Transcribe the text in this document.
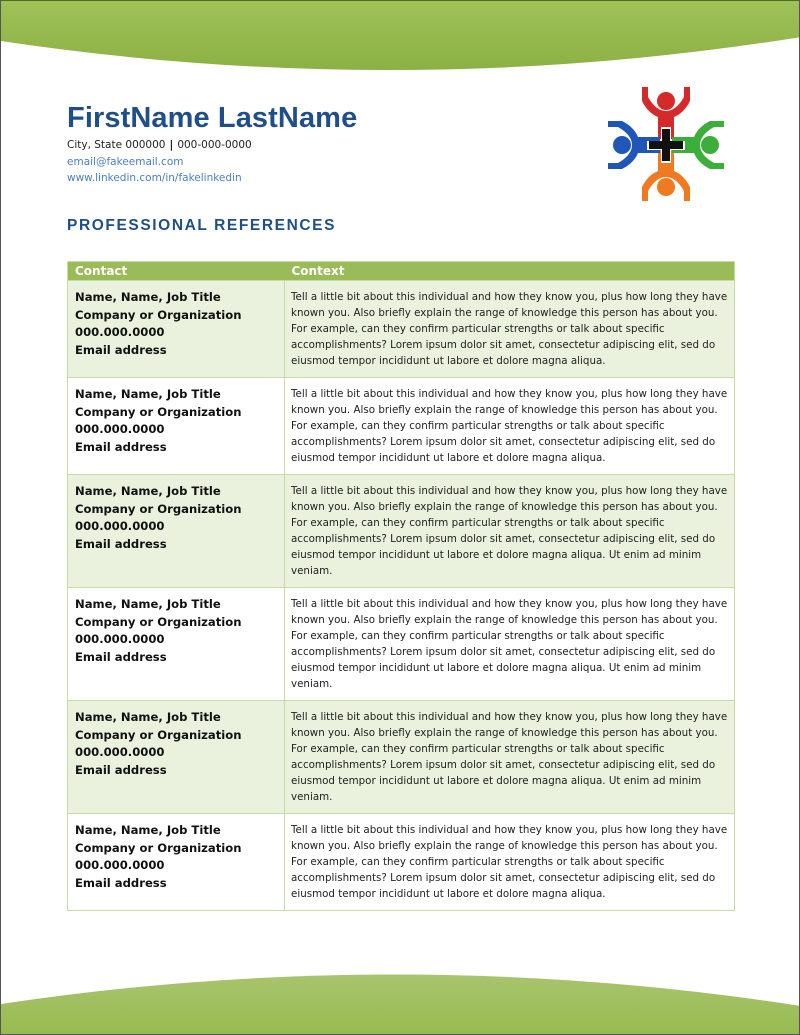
FirstName LastName
City, State 000000 | 000-000-0000
email@fakeemail.com
www.linkedin.com/in/fakelinkedin
PROFESSIONAL REFERENCES
Contact	Context

Name, Name, Job Title
Company or Organization
000.000.0000
Email address
	Tell a little bit about this individual and how they know you, plus how long they have known you. Also briefly explain the range of knowledge this person has about you. For example, can they confirm particular strengths or talk about specific accomplishments? Lorem ipsum dolor sit amet, consectetur adipiscing elit, sed do eiusmod tempor incididunt ut labore et dolore magna aliqua.

Name, Name, Job Title
Company or Organization
000.000.0000
Email address
	Tell a little bit about this individual and how they know you, plus how long they have known you. Also briefly explain the range of knowledge this person has about you. For example, can they confirm particular strengths or talk about specific accomplishments? Lorem ipsum dolor sit amet, consectetur adipiscing elit, sed do eiusmod tempor incididunt ut labore et dolore magna aliqua.

Name, Name, Job Title
Company or Organization
000.000.0000
Email address
	Tell a little bit about this individual and how they know you, plus how long they have known you. Also briefly explain the range of knowledge this person has about you. For example, can they confirm particular strengths or talk about specific accomplishments? Lorem ipsum dolor sit amet, consectetur adipiscing elit, sed do eiusmod tempor incididunt ut labore et dolore magna aliqua. Ut enim ad minim veniam.

Name, Name, Job Title
Company or Organization
000.000.0000
Email address
	Tell a little bit about this individual and how they know you, plus how long they have known you. Also briefly explain the range of knowledge this person has about you. For example, can they confirm particular strengths or talk about specific accomplishments? Lorem ipsum dolor sit amet, consectetur adipiscing elit, sed do eiusmod tempor incididunt ut labore et dolore magna aliqua. Ut enim ad minim veniam.

Name, Name, Job Title
Company or Organization
000.000.0000
Email address
	Tell a little bit about this individual and how they know you, plus how long they have known you. Also briefly explain the range of knowledge this person has about you. For example, can they confirm particular strengths or talk about specific accomplishments? Lorem ipsum dolor sit amet, consectetur adipiscing elit, sed do eiusmod tempor incididunt ut labore et dolore magna aliqua. Ut enim ad minim veniam.

Name, Name, Job Title
Company or Organization
000.000.0000
Email address
	Tell a little bit about this individual and how they know you, plus how long they have known you. Also briefly explain the range of knowledge this person has about you. For example, can they confirm particular strengths or talk about specific accomplishments? Lorem ipsum dolor sit amet, consectetur adipiscing elit, sed do eiusmod tempor incididunt ut labore et dolore magna aliqua.
